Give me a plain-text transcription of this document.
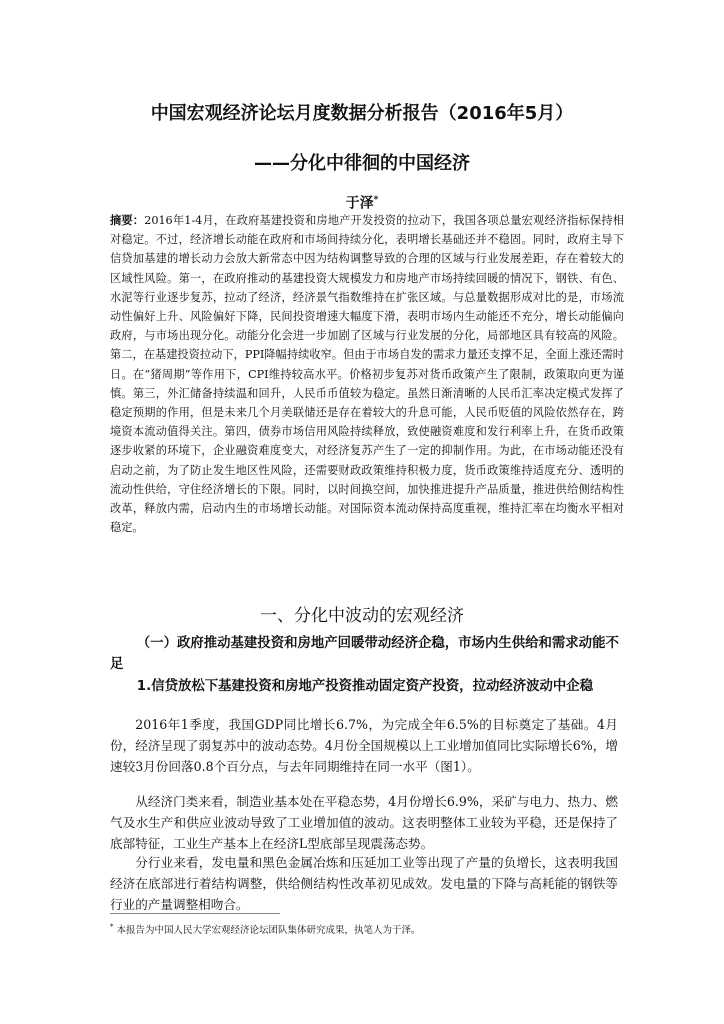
中国宏观经济论坛月度数据分析报告（2016年5月）
——分化中徘徊的中国经济
于泽*
摘要：2016年1-4月，在政府基建投资和房地产开发投资的拉动下，我国各项总量宏观经济指标保持相对稳定。不过，经济增长动能在政府和市场间持续分化，表明增长基础还并不稳固。同时，政府主导下信贷加基建的增长动力会放大新常态中因为结构调整导致的合理的区域与行业发展差距，存在着较大的区域性风险。第一，在政府推动的基建投资大规模发力和房地产市场持续回暖的情况下，钢铁、有色、水泥等行业逐步复苏，拉动了经济，经济景气指数维持在扩张区域。与总量数据形成对比的是，市场流动性偏好上升、风险偏好下降，民间投资增速大幅度下滑，表明市场内生动能还不充分，增长动能偏向政府，与市场出现分化。动能分化会进一步加剧了区域与行业发展的分化，局部地区具有较高的风险。第二，在基建投资拉动下，PPI降幅持续收窄。但由于市场自发的需求力量还支撑不足，全面上涨还需时日。在“猪周期”等作用下，CPI维持较高水平。价格初步复苏对货币政策产生了限制，政策取向更为谨慎。第三，外汇储备持续温和回升，人民币币值较为稳定。虽然日渐清晰的人民币汇率决定模式发挥了稳定预期的作用，但是未来几个月美联储还是存在着较大的升息可能，人民币贬值的风险依然存在，跨境资本流动值得关注。第四，债券市场信用风险持续释放，致使融资难度和发行利率上升，在货币政策逐步收紧的环境下，企业融资难度变大，对经济复苏产生了一定的抑制作用。为此，在市场动能还没有启动之前，为了防止发生地区性风险，还需要财政政策维持积极力度，货币政策维持适度充分、透明的流动性供给，守住经济增长的下限。同时，以时间换空间，加快推进提升产品质量，推进供给侧结构性改革，释放内需，启动内生的市场增长动能。对国际资本流动保持高度重视，维持汇率在均衡水平相对稳定。
一、分化中波动的宏观经济
（一）政府推动基建投资和房地产回暖带动经济企稳，市场内生供给和需求动能不足
1.信贷放松下基建投资和房地产投资推动固定资产投资，拉动经济波动中企稳
2016年1季度，我国GDP同比增长6.7%，为完成全年6.5%的目标奠定了基础。4月份，经济呈现了弱复苏中的波动态势。4月份全国规模以上工业增加值同比实际增长6%，增速较3月份回落0.8个百分点，与去年同期维持在同一水平（图1）。
从经济门类来看，制造业基本处在平稳态势，4月份增长6.9%，采矿与电力、热力、燃气及水生产和供应业波动导致了工业增加值的波动。这表明整体工业较为平稳，还是保持了底部特征，工业生产基本上在经济L型底部呈现震荡态势。
分行业来看，发电量和黑色金属冶炼和压延加工业等出现了产量的负增长，这表明我国经济在底部进行着结构调整，供给侧结构性改革初见成效。发电量的下降与高耗能的钢铁等行业的产量调整相吻合。
* 本报告为中国人民大学宏观经济论坛团队集体研究成果，执笔人为于泽。
